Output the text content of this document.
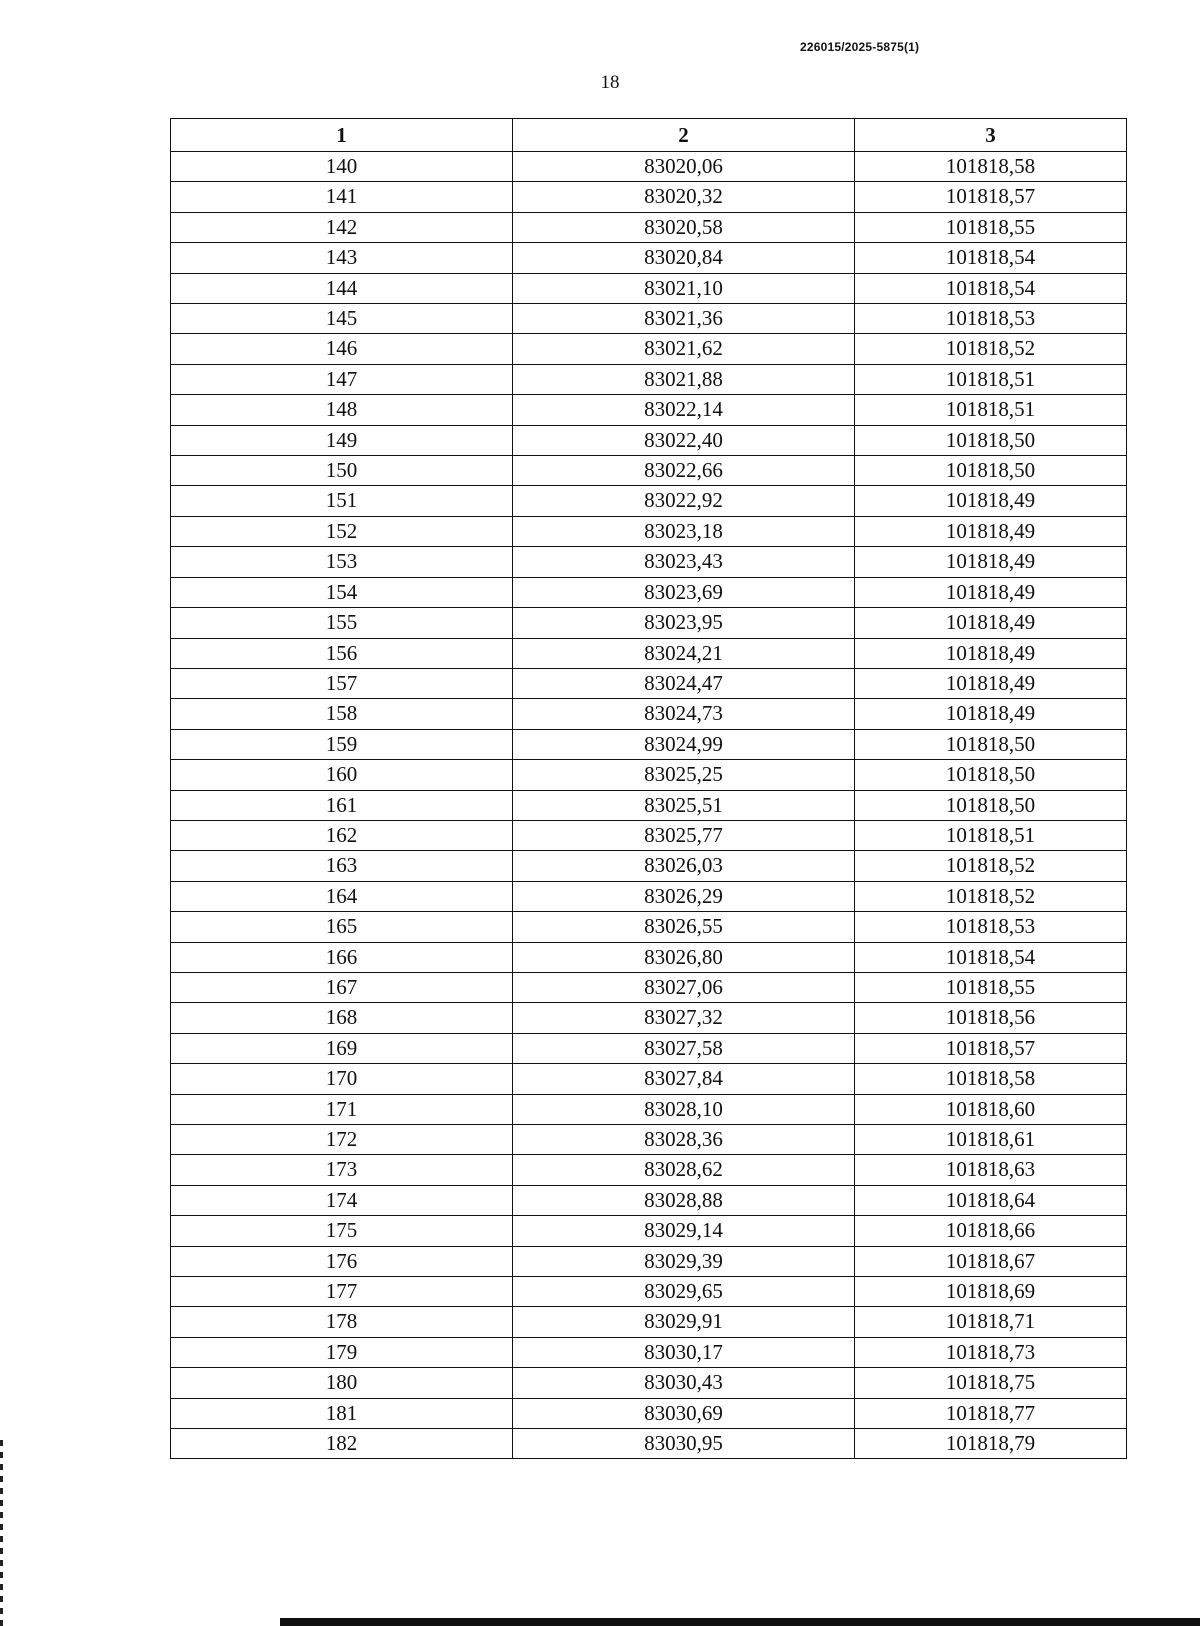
226015/2025-5875(1)
18
1	2	3
140	83020,06	101818,58
141	83020,32	101818,57
142	83020,58	101818,55
143	83020,84	101818,54
144	83021,10	101818,54
145	83021,36	101818,53
146	83021,62	101818,52
147	83021,88	101818,51
148	83022,14	101818,51
149	83022,40	101818,50
150	83022,66	101818,50
151	83022,92	101818,49
152	83023,18	101818,49
153	83023,43	101818,49
154	83023,69	101818,49
155	83023,95	101818,49
156	83024,21	101818,49
157	83024,47	101818,49
158	83024,73	101818,49
159	83024,99	101818,50
160	83025,25	101818,50
161	83025,51	101818,50
162	83025,77	101818,51
163	83026,03	101818,52
164	83026,29	101818,52
165	83026,55	101818,53
166	83026,80	101818,54
167	83027,06	101818,55
168	83027,32	101818,56
169	83027,58	101818,57
170	83027,84	101818,58
171	83028,10	101818,60
172	83028,36	101818,61
173	83028,62	101818,63
174	83028,88	101818,64
175	83029,14	101818,66
176	83029,39	101818,67
177	83029,65	101818,69
178	83029,91	101818,71
179	83030,17	101818,73
180	83030,43	101818,75
181	83030,69	101818,77
182	83030,95	101818,79
